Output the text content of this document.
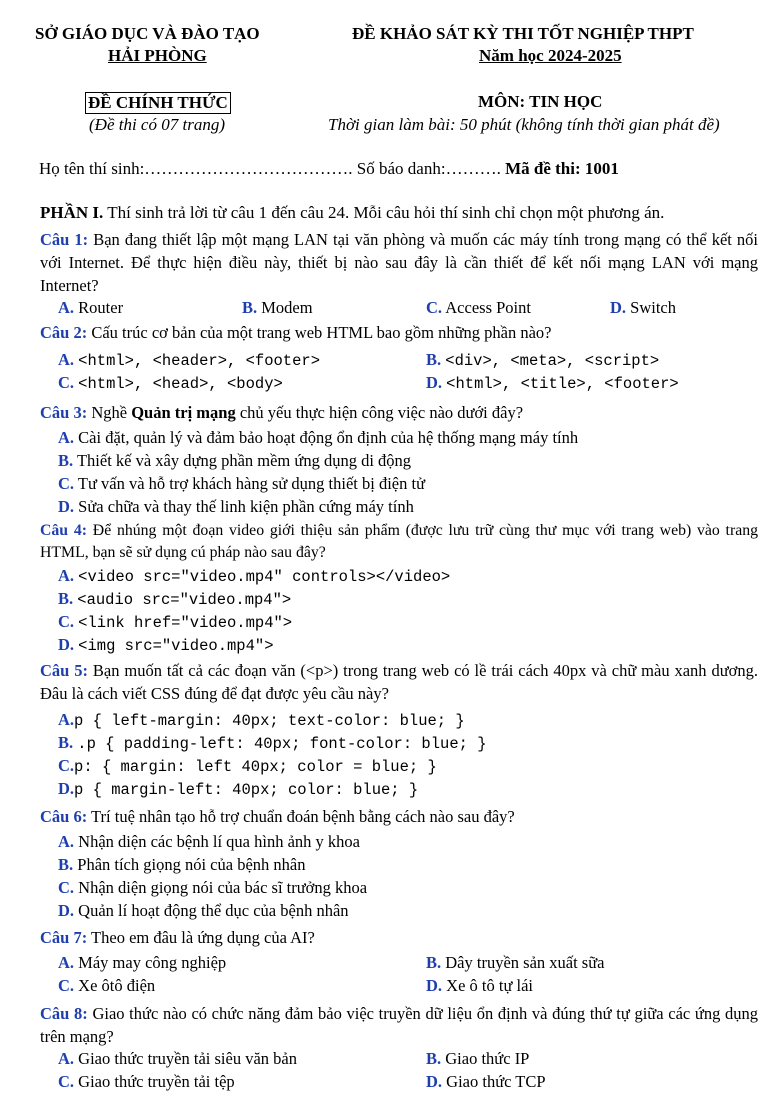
SỞ GIÁO DỤC VÀ ĐÀO TẠO
HẢI PHÒNG
ĐỀ KHẢO SÁT KỲ THI TỐT NGHIỆP THPT
Năm học 2024-2025
ĐỀ CHÍNH THỨC
(Đề thi có 07 trang)
MÔN: TIN HỌC
Thời gian làm bài: 50 phút (không tính thời gian phát đề)
Họ tên thí sinh:………………………………. Số báo danh:………. Mã đề thi: 1001
PHẦN I. Thí sinh trả lời từ câu 1 đến câu 24. Mỗi câu hỏi thí sinh chỉ chọn một phương án.
Câu 1: Bạn đang thiết lập một mạng LAN tại văn phòng và muốn các máy tính trong mạng có thể kết nối với Internet. Để thực hiện điều này, thiết bị nào sau đây là cần thiết để kết nối mạng LAN với mạng Internet?
A. Router	B. Modem	C. Access Point	D. Switch
Câu 2: Cấu trúc cơ bản của một trang web HTML bao gồm những phần nào?
A. <html>, <header>, <footer>	B. <div>, <meta>, <script>
C. <html>, <head>, <body>	D. <html>, <title>, <footer>
Câu 3: Nghề Quản trị mạng chủ yếu thực hiện công việc nào dưới đây?
A. Cài đặt, quản lý và đảm bảo hoạt động ổn định của hệ thống mạng máy tính
B. Thiết kế và xây dựng phần mềm ứng dụng di động
C. Tư vấn và hỗ trợ khách hàng sử dụng thiết bị điện tử
D. Sửa chữa và thay thế linh kiện phần cứng máy tính
Câu 4: Để nhúng một đoạn video giới thiệu sản phẩm (được lưu trữ cùng thư mục với trang web) vào trang HTML, bạn sẽ sử dụng cú pháp nào sau đây?
A. <video src="video.mp4" controls></video>
B. <audio src="video.mp4">
C. <link href="video.mp4">
D. <img src="video.mp4">
Câu 5: Bạn muốn tất cả các đoạn văn (<p>) trong trang web có lề trái cách 40px và chữ màu xanh dương. Đâu là cách viết CSS đúng để đạt được yêu cầu này?
A.p { left-margin: 40px; text-color: blue; }
B. .p { padding-left: 40px; font-color: blue; }
C.p: { margin: left 40px; color = blue; }
D.p { margin-left: 40px; color: blue; }
Câu 6: Trí tuệ nhân tạo hỗ trợ chuẩn đoán bệnh bằng cách nào sau đây?
A. Nhận diện các bệnh lí qua hình ảnh y khoa
B. Phân tích giọng nói của bệnh nhân
C. Nhận diện giọng nói của bác sĩ trưởng khoa
D. Quản lí hoạt động thể dục của bệnh nhân
Câu 7: Theo em đâu là ứng dụng của AI?
A. Máy may công nghiệp	B. Dây truyền sản xuất sữa
C. Xe ôtô điện	D. Xe ô tô tự lái
Câu 8: Giao thức nào có chức năng đảm bảo việc truyền dữ liệu ổn định và đúng thứ tự giữa các ứng dụng trên mạng?
A. Giao thức truyền tải siêu văn bản	B. Giao thức IP
C. Giao thức truyền tải tệp	D. Giao thức TCP
